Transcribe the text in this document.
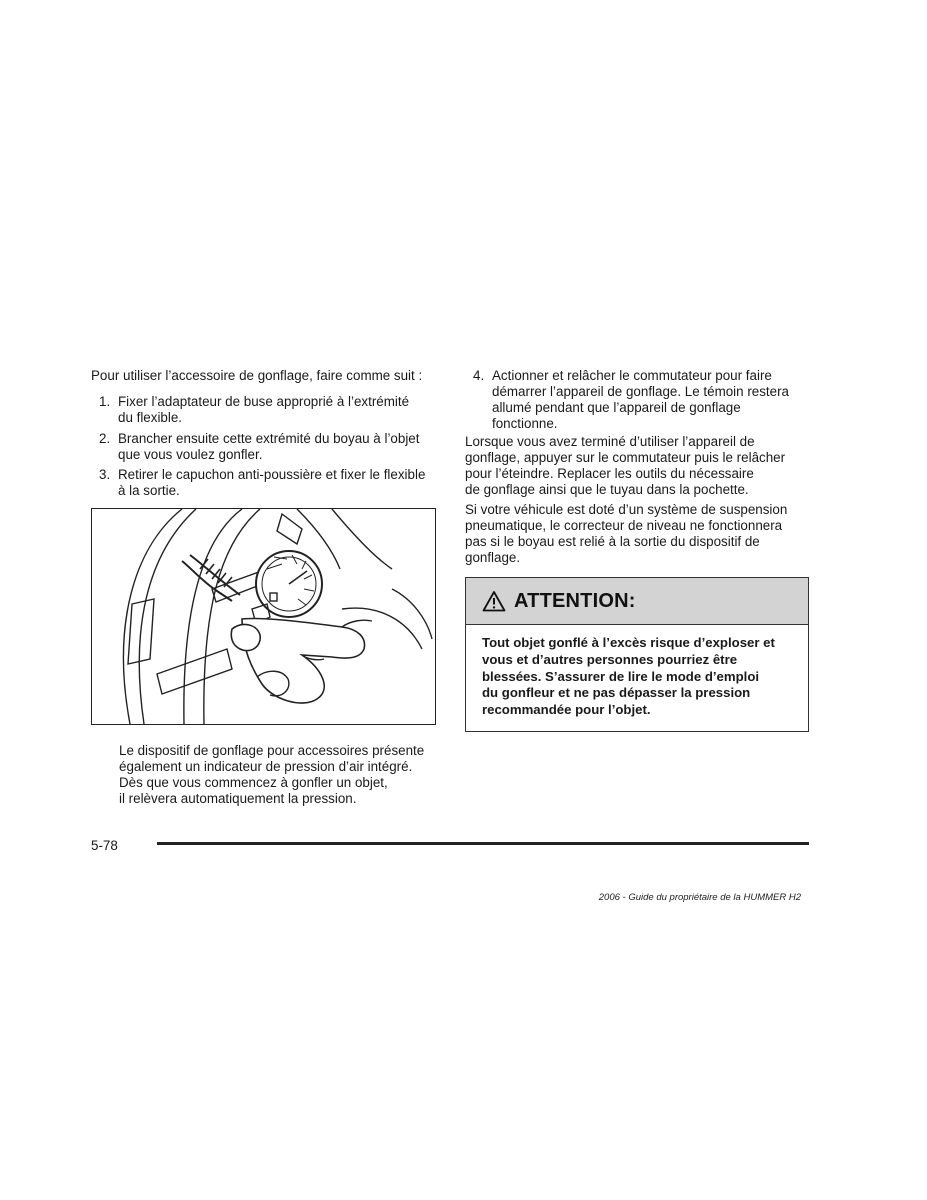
Pour utiliser l’accessoire de gonflage, faire comme suit :

1. Fixer l’adaptateur de buse approprié à l’extrémité
du flexible.
2. Brancher ensuite cette extrémité du boyau à l’objet
que vous voulez gonfler.
3. Retirer le capuchon anti-poussière et fixer le flexible
à la sortie.

Le dispositif de gonflage pour accessoires présente
également un indicateur de pression d’air intégré.
Dès que vous commencez à gonfler un objet,
il relèvera automatiquement la pression.

4. Actionner et relâcher le commutateur pour faire
démarrer l’appareil de gonflage. Le témoin restera
allumé pendant que l’appareil de gonflage
fonctionne.

Lorsque vous avez terminé d’utiliser l’appareil de
gonflage, appuyer sur le commutateur puis le relâcher
pour l’éteindre. Replacer les outils du nécessaire
de gonflage ainsi que le tuyau dans la pochette.

Si votre véhicule est doté d’un système de suspension
pneumatique, le correcteur de niveau ne fonctionnera
pas si le boyau est relié à la sortie du dispositif de
gonflage.

ATTENTION:
Tout objet gonflé à l’excès risque d’exploser et
vous et d’autres personnes pourriez être
blessées. S’assurer de lire le mode d’emploi
du gonfleur et ne pas dépasser la pression
recommandée pour l’objet.
5-78
2006 - Guide du propriétaire de la HUMMER H2
